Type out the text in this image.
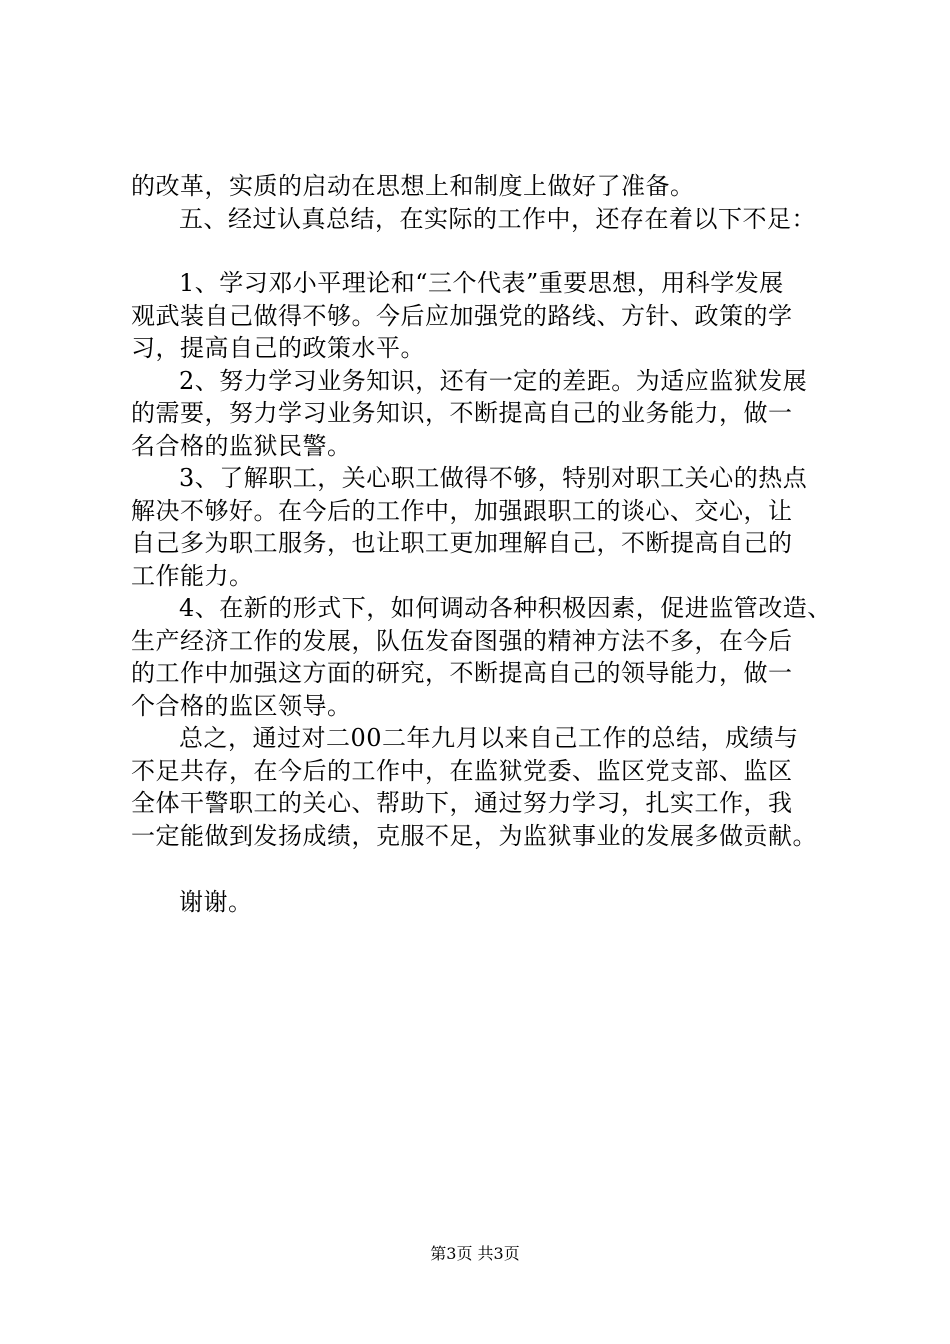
的改革，实质的启动在思想上和制度上做好了准备。
五、经过认真总结，在实际的工作中，还存在着以下不足：
1、学习邓小平理论和“三个代表”重要思想，用科学发展
观武装自己做得不够。今后应加强党的路线、方针、政策的学
习，提高自己的政策水平。
2、努力学习业务知识，还有一定的差距。为适应监狱发展
的需要，努力学习业务知识，不断提高自己的业务能力，做一
名合格的监狱民警。
3、了解职工，关心职工做得不够，特别对职工关心的热点
解决不够好。在今后的工作中，加强跟职工的谈心、交心，让
自己多为职工服务，也让职工更加理解自己，不断提高自己的
工作能力。
4、在新的形式下，如何调动各种积极因素，促进监管改造、
生产经济工作的发展，队伍发奋图强的精神方法不多，在今后
的工作中加强这方面的研究，不断提高自己的领导能力，做一
个合格的监区领导。
总之，通过对二00二年九月以来自己工作的总结，成绩与
不足共存，在今后的工作中，在监狱党委、监区党支部、监区
全体干警职工的关心、帮助下，通过努力学习，扎实工作，我
一定能做到发扬成绩，克服不足，为监狱事业的发展多做贡献。
谢谢。
第3页 共3页
